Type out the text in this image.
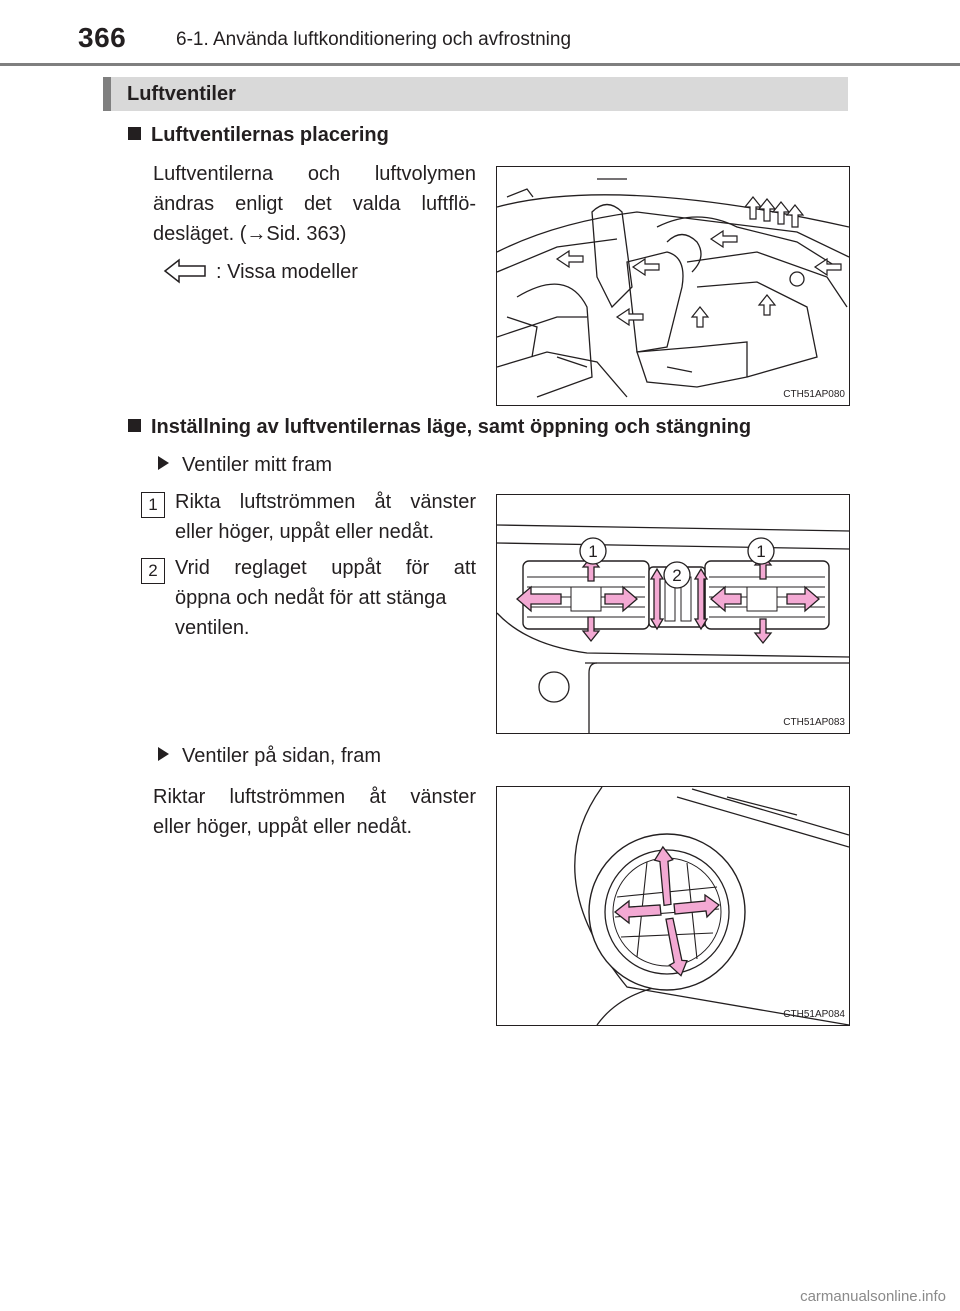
366	6-1. Använda luftkonditionering och avfrostning
Luftventiler
Luftventilernas placering
Luftventilerna och luftvolymen
ändras enligt det valda luftflö-
desläget. (→Sid. 363)
: Vissa modeller
CTH51AP080
Inställning av luftventilernas läge, samt öppning och stängning
Ventiler mitt fram
1 Rikta luftströmmen åt vänster
eller höger, uppåt eller nedåt.
2 Vrid reglaget uppåt för att
öppna och nedåt för att stänga
ventilen.
1
2
1
CTH51AP083
Ventiler på sidan, fram
Riktar luftströmmen åt vänster
eller höger, uppåt eller nedåt.
CTH51AP084
carmanualsonline.info
